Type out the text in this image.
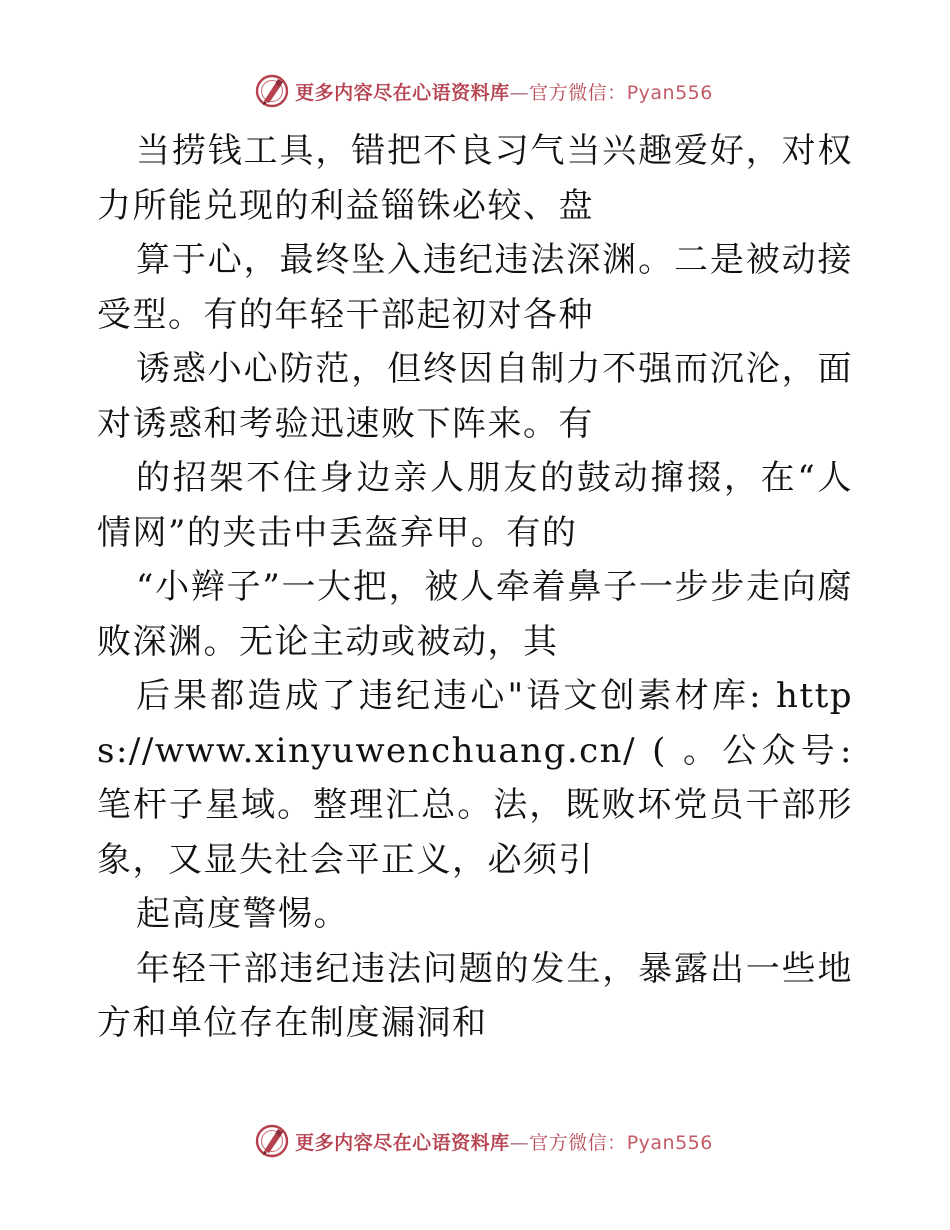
更多内容尽在心语资料库—官方微信：Pyan556

当捞钱工具，错把不良习气当兴趣爱好，对权力所能兑现的利益锱铢必较、盘

算于心，最终坠入违纪违法深渊。二是被动接受型。有的年轻干部起初对各种

诱惑小心防范，但终因自制力不强而沉沦，面对诱惑和考验迅速败下阵来。有

的招架不住身边亲人朋友的鼓动撺掇，在“人情网”的夹击中丢盔弃甲。有的

“小辫子”一大把，被人牵着鼻子一步步走向腐败深渊。无论主动或被动，其

后果都造成了违纪违心"语文创素材库: https://www.xinyuwenchuang.cn/ ( 。公众号: 笔杆子星域。整理汇总。法，既败坏党员干部形象，又显失社会平正义，必须引

起高度警惕。

年轻干部违纪违法问题的发生，暴露出一些地方和单位存在制度漏洞和

更多内容尽在心语资料库—官方微信：Pyan556
